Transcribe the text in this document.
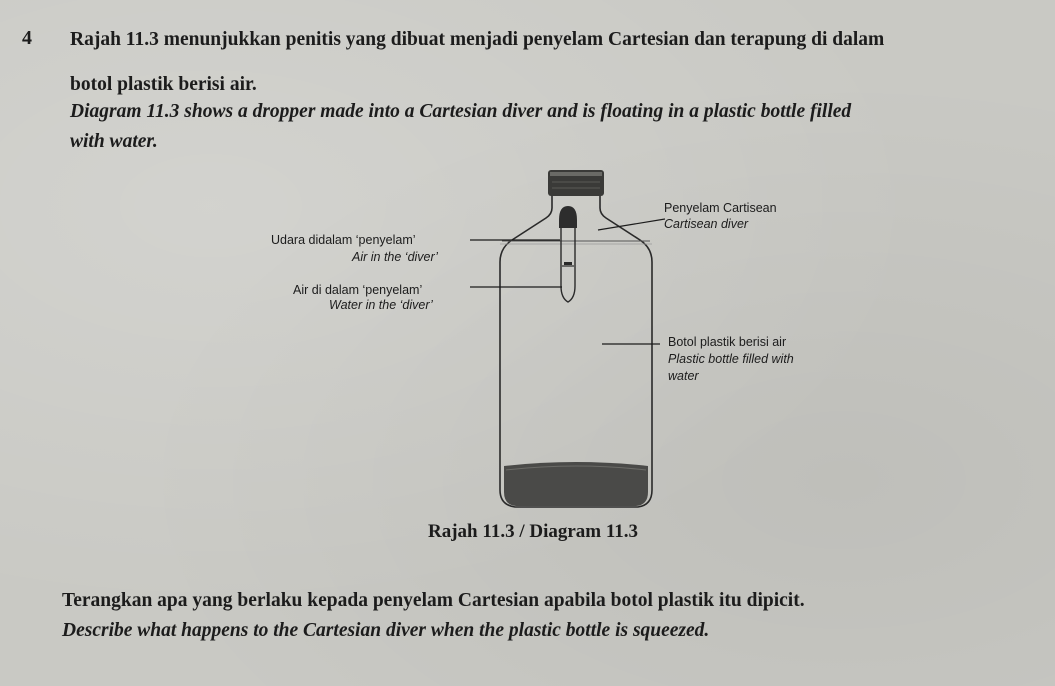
4 Rajah 11.3 menunjukkan penitis yang dibuat menjadi penyelam Cartesian dan terapung di dalam
botol plastik berisi air.
Diagram 11.3 shows a dropper made into a Cartesian diver and is floating in a plastic bottle filled
with water.
Penyelam Cartisean
Cartisean diver
Udara didalam ‘penyelam’
Air in the ‘diver’
Air di dalam ‘penyelam’
Water in the ‘diver’
Botol plastik berisi air
Plastic bottle filled with
water
Rajah 11.3 / Diagram 11.3
Terangkan apa yang berlaku kepada penyelam Cartesian apabila botol plastik itu dipicit.
Describe what happens to the Cartesian diver when the plastic bottle is squeezed.
